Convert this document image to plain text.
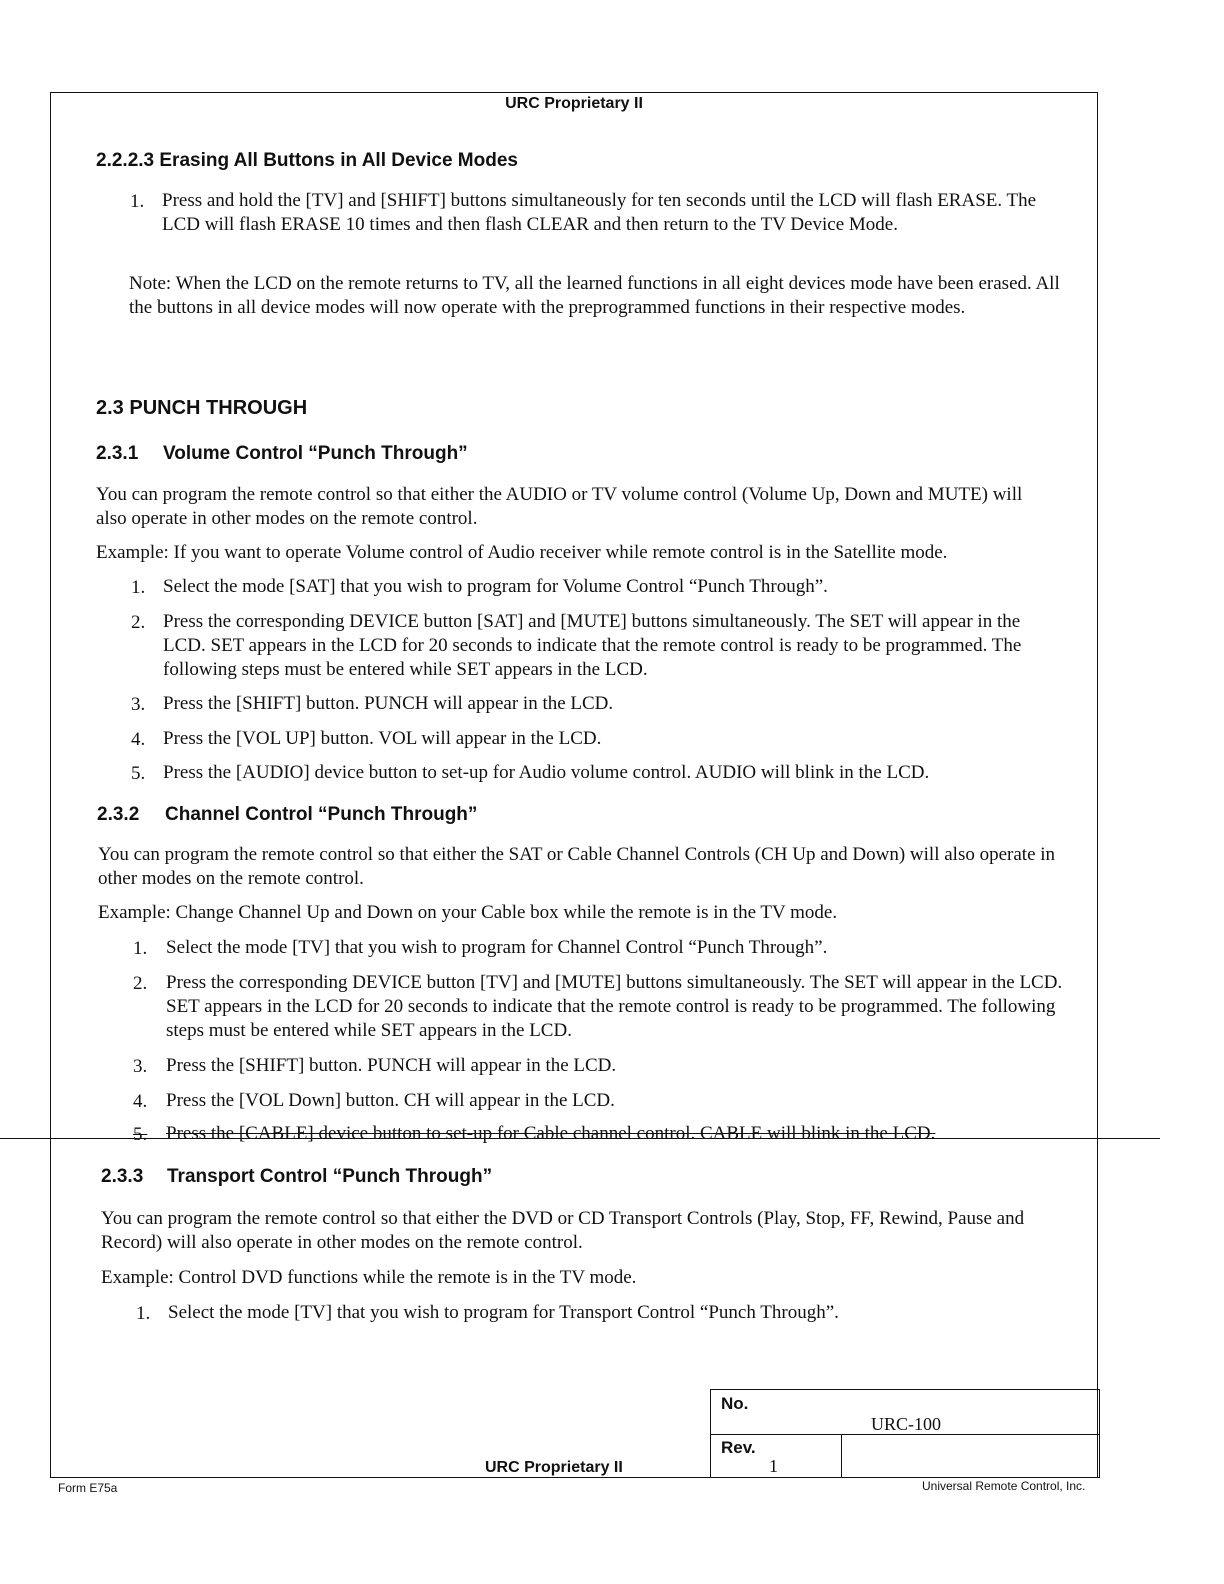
URC Proprietary II
URC Proprietary II
2.2.2.3 Erasing All Buttons in All Device Modes
1. Press and hold the [TV] and [SHIFT] buttons simultaneously for ten seconds until the LCD will flash ERASE. The LCD will flash ERASE 10 times and then flash CLEAR and then return to the TV Device Mode.
Note: When the LCD on the remote returns to TV, all the learned functions in all eight devices mode have been erased. All the buttons in all device modes will now operate with the preprogrammed functions in their respective modes.
2.3 PUNCH THROUGH
2.3.1 Volume Control “Punch Through”
You can program the remote control so that either the AUDIO or TV volume control (Volume Up, Down and MUTE) will also operate in other modes on the remote control.
Example: If you want to operate Volume control of Audio receiver while remote control is in the Satellite mode.
1. Select the mode [SAT] that you wish to program for Volume Control “Punch Through”.
2. Press the corresponding DEVICE button [SAT] and [MUTE] buttons simultaneously. The SET will appear in the LCD. SET appears in the LCD for 20 seconds to indicate that the remote control is ready to be programmed. The following steps must be entered while SET appears in the LCD.
3. Press the [SHIFT] button. PUNCH will appear in the LCD.
4. Press the [VOL UP] button. VOL will appear in the LCD.
5. Press the [AUDIO] device button to set-up for Audio volume control. AUDIO will blink in the LCD.
2.3.2 Channel Control “Punch Through”
You can program the remote control so that either the SAT or Cable Channel Controls (CH Up and Down) will also operate in other modes on the remote control.
Example: Change Channel Up and Down on your Cable box while the remote is in the TV mode.
1. Select the mode [TV] that you wish to program for Channel Control “Punch Through”.
2. Press the corresponding DEVICE button [TV] and [MUTE] buttons simultaneously. The SET will appear in the LCD. SET appears in the LCD for 20 seconds to indicate that the remote control is ready to be programmed. The following steps must be entered while SET appears in the LCD.
3. Press the [SHIFT] button. PUNCH will appear in the LCD.
4. Press the [VOL Down] button. CH will appear in the LCD.
5. Press the [CABLE] device button to set-up for Cable channel control. CABLE will blink in the LCD.
2.3.3 Transport Control “Punch Through”
You can program the remote control so that either the DVD or CD Transport Controls (Play, Stop, FF, Rewind, Pause and Record) will also operate in other modes on the remote control.
Example: Control DVD functions while the remote is in the TV mode.
1. Select the mode [TV] that you wish to program for Transport Control “Punch Through”.
No.
URC-100
Rev.
1
Form E75a	Universal Remote Control, Inc.
